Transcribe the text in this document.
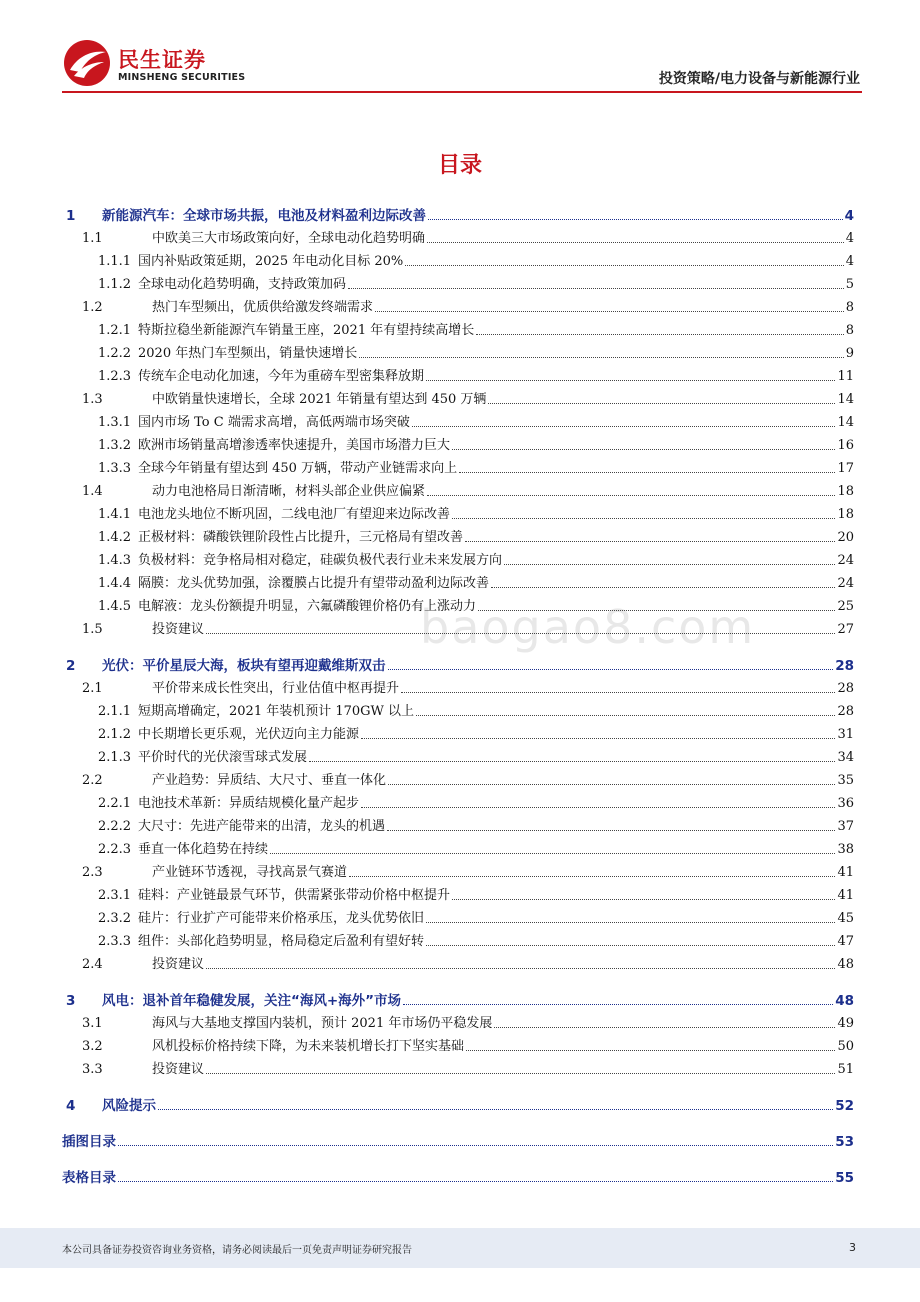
民生证券
MINSHENG SECURITIES	投资策略/电力设备与新能源行业
目录
baogao8.com
1	新能源汽车：全球市场共振，电池及材料盈利边际改善	4
1.1	中欧美三大市场政策向好，全球电动化趋势明确	4
1.1.1 国内补贴政策延期，2025 年电动化目标 20%	4
1.1.2 全球电动化趋势明确，支持政策加码	5
1.2	热门车型频出，优质供给激发终端需求	8
1.2.1 特斯拉稳坐新能源汽车销量王座，2021 年有望持续高增长	8
1.2.2 2020 年热门车型频出，销量快速增长	9
1.2.3 传统车企电动化加速，今年为重磅车型密集释放期	11
1.3	中欧销量快速增长，全球 2021 年销量有望达到 450 万辆	14
1.3.1 国内市场 To C 端需求高增，高低两端市场突破	14
1.3.2 欧洲市场销量高增渗透率快速提升，美国市场潜力巨大	16
1.3.3 全球今年销量有望达到 450 万辆，带动产业链需求向上	17
1.4	动力电池格局日渐清晰，材料头部企业供应偏紧	18
1.4.1 电池龙头地位不断巩固，二线电池厂有望迎来边际改善	18
1.4.2 正极材料：磷酸铁锂阶段性占比提升，三元格局有望改善	20
1.4.3 负极材料：竞争格局相对稳定，硅碳负极代表行业未来发展方向	24
1.4.4 隔膜：龙头优势加强，涂覆膜占比提升有望带动盈利边际改善	24
1.4.5 电解液：龙头份额提升明显，六氟磷酸锂价格仍有上涨动力	25
1.5	投资建议	27
2	光伏：平价星辰大海，板块有望再迎戴维斯双击	28
2.1	平价带来成长性突出，行业估值中枢再提升	28
2.1.1 短期高增确定，2021 年装机预计 170GW 以上	28
2.1.2 中长期增长更乐观，光伏迈向主力能源	31
2.1.3 平价时代的光伏滚雪球式发展	34
2.2	产业趋势：异质结、大尺寸、垂直一体化	35
2.2.1 电池技术革新：异质结规模化量产起步	36
2.2.2 大尺寸：先进产能带来的出清，龙头的机遇	37
2.2.3 垂直一体化趋势在持续	38
2.3	产业链环节透视，寻找高景气赛道	41
2.3.1 硅料：产业链最景气环节，供需紧张带动价格中枢提升	41
2.3.2 硅片：行业扩产可能带来价格承压，龙头优势依旧	45
2.3.3 组件：头部化趋势明显，格局稳定后盈利有望好转	47
2.4	投资建议	48
3	风电：退补首年稳健发展，关注“海风+海外”市场	48
3.1	海风与大基地支撑国内装机，预计 2021 年市场仍平稳发展	49
3.2	风机投标价格持续下降，为未来装机增长打下坚实基础	50
3.3	投资建议	51
4	风险提示	52
插图目录	53
表格目录	55
本公司具备证券投资咨询业务资格，请务必阅读最后一页免责声明证券研究报告	3
